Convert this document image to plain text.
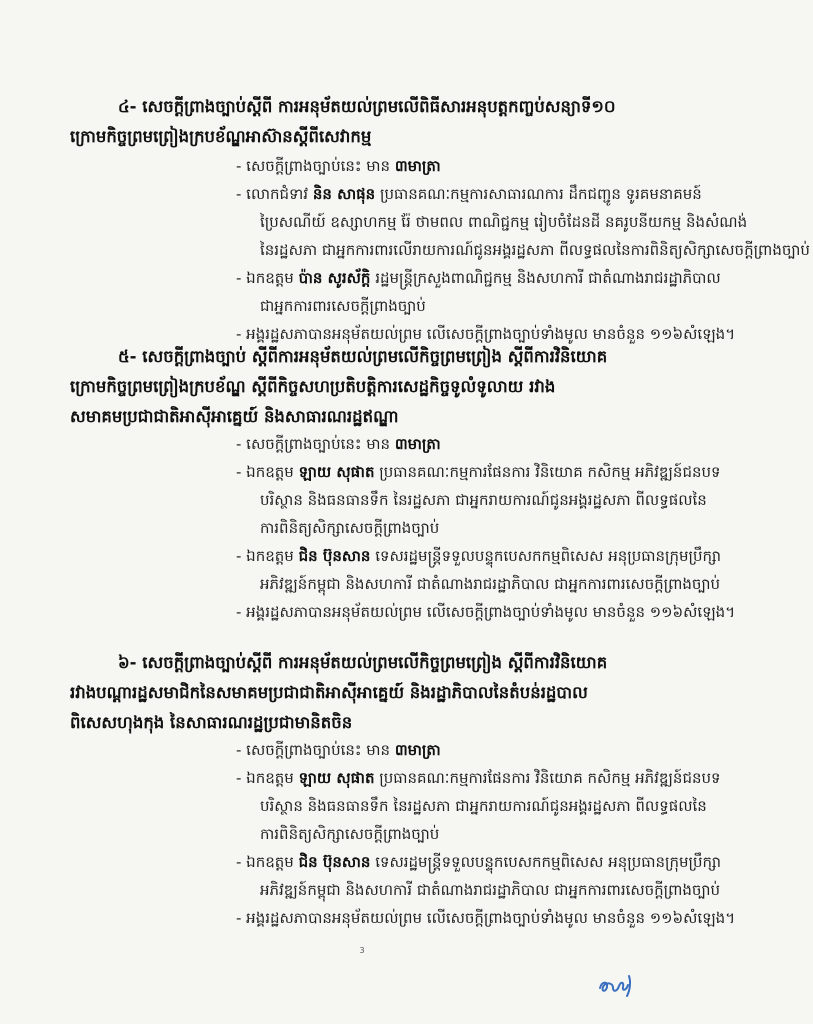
៤- សេចក្តីព្រាងច្បាប់ស្តីពី ការអនុម័តយល់ព្រមលើពិធីសារអនុបត្តកញ្ចប់សន្យាទី១០
ក្រោមកិច្ចព្រមព្រៀងក្របខ័ណ្ឌអាស៊ានស្តីពីសេវាកម្ម
- សេចក្តីព្រាងច្បាប់នេះ មាន ៣មាត្រា
- លោកជំទាវ និន សាផុន ប្រធានគណៈកម្មការសាធារណការ ដឹកជញ្ជូន ទូរគមនាគមន៍
ប្រៃសណីយ៍ ឧស្សាហកម្ម រ៉ែ ថាមពល ពាណិជ្ជកម្ម រៀបចំដែនដី នគរូបនីយកម្ម និងសំណង់
នៃរដ្ឋសភា ជាអ្នកការពារលើរាយការណ៍ជូនអង្គរដ្ឋសភា ពីលទ្ធផលនៃការពិនិត្យសិក្សាសេចក្តីព្រាងច្បាប់
- ឯកឧត្តម ប៉ាន សូរស័ក្តិ រដ្ឋមន្ត្រីក្រសួងពាណិជ្ជកម្ម និងសហការី ជាតំណាងរាជរដ្ឋាភិបាល
ជាអ្នកការពារសេចក្តីព្រាងច្បាប់
- អង្គរដ្ឋសភាបានអនុម័តយល់ព្រម លើសេចក្តីព្រាងច្បាប់ទាំងមូល មានចំនួន ១១៦សំឡេង។
៥- សេចក្តីព្រាងច្បាប់ ស្តីពីការអនុម័តយល់ព្រមលើកិច្ចព្រមព្រៀង ស្តីពីការវិនិយោគ
ក្រោមកិច្ចព្រមព្រៀងក្របខ័ណ្ឌ ស្តីពីកិច្ចសហប្រតិបត្តិការសេដ្ឋកិច្ចទូលំទូលាយ រវាង
សមាគមប្រជាជាតិអាស៊ីអាគ្នេយ៍ និងសាធារណរដ្ឋឥណ្ឌា
- សេចក្តីព្រាងច្បាប់នេះ មាន ៣មាត្រា
- ឯកឧត្តម ឡាយ សុផាត ប្រធានគណៈកម្មការផែនការ វិនិយោគ កសិកម្ម អភិវឌ្ឍន៍ជនបទ
បរិស្ថាន និងធនធានទឹក នៃរដ្ឋសភា ជាអ្នករាយការណ៍ជូនអង្គរដ្ឋសភា ពីលទ្ធផលនៃ
ការពិនិត្យសិក្សាសេចក្តីព្រាងច្បាប់
- ឯកឧត្តម ជិន ប៊ុនសាន ទេសរដ្ឋមន្ត្រីទទួលបន្ទុកបេសកកម្មពិសេស អនុប្រធានក្រុមប្រឹក្សា
អភិវឌ្ឍន៍កម្ពុជា និងសហការី ជាតំណាងរាជរដ្ឋាភិបាល ជាអ្នកការពារសេចក្តីព្រាងច្បាប់
- អង្គរដ្ឋសភាបានអនុម័តយល់ព្រម លើសេចក្តីព្រាងច្បាប់ទាំងមូល មានចំនួន ១១៦សំឡេង។
៦- សេចក្តីព្រាងច្បាប់ស្តីពី ការអនុម័តយល់ព្រមលើកិច្ចព្រមព្រៀង ស្តីពីការវិនិយោគ
រវាងបណ្តារដ្ឋសមាជិកនៃសមាគមប្រជាជាតិអាស៊ីអាគ្នេយ៍ និងរដ្ឋាភិបាលនៃតំបន់រដ្ឋបាល
ពិសេសហុងកុង នៃសាធារណរដ្ឋប្រជាមានិតចិន
- សេចក្តីព្រាងច្បាប់នេះ មាន ៣មាត្រា
- ឯកឧត្តម ឡាយ សុផាត ប្រធានគណៈកម្មការផែនការ វិនិយោគ កសិកម្ម អភិវឌ្ឍន៍ជនបទ
បរិស្ថាន និងធនធានទឹក នៃរដ្ឋសភា ជាអ្នករាយការណ៍ជូនអង្គរដ្ឋសភា ពីលទ្ធផលនៃ
ការពិនិត្យសិក្សាសេចក្តីព្រាងច្បាប់
- ឯកឧត្តម ជិន ប៊ុនសាន ទេសរដ្ឋមន្ត្រីទទួលបន្ទុកបេសកកម្មពិសេស អនុប្រធានក្រុមប្រឹក្សា
អភិវឌ្ឍន៍កម្ពុជា និងសហការី ជាតំណាងរាជរដ្ឋាភិបាល ជាអ្នកការពារសេចក្តីព្រាងច្បាប់
- អង្គរដ្ឋសភាបានអនុម័តយល់ព្រម លើសេចក្តីព្រាងច្បាប់ទាំងមូល មានចំនួន ១១៦សំឡេង។
3
